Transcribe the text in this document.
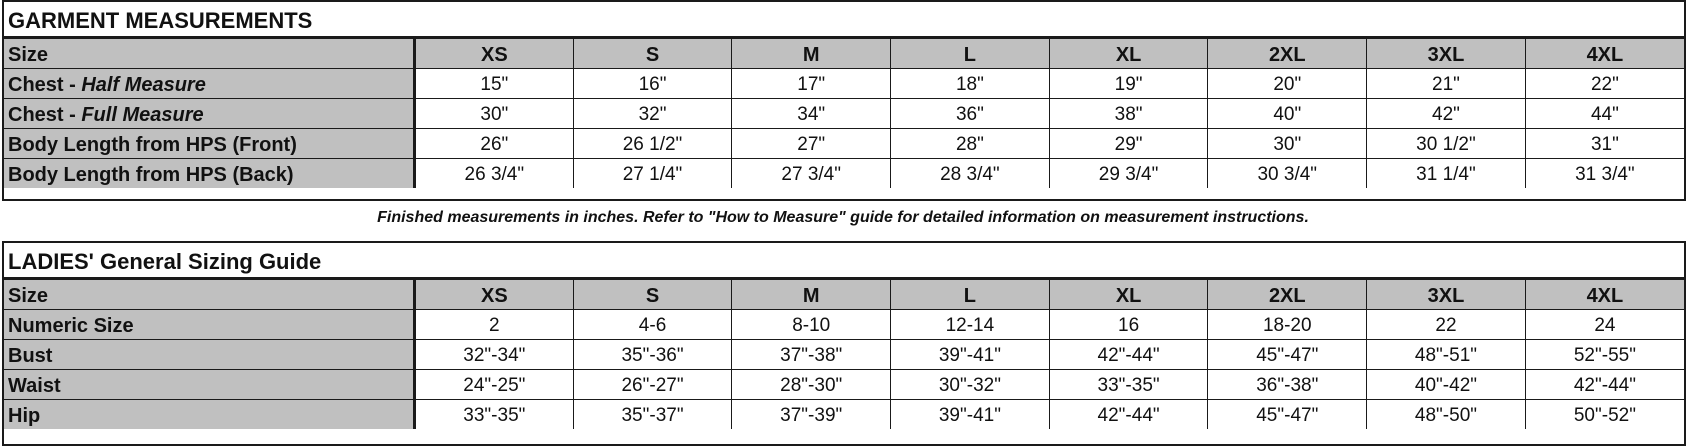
GARMENT MEASUREMENTS
Size	XS	S	M	L	XL	2XL	3XL	4XL
Chest - Half Measure	15"	16"	17"	18"	19"	20"	21"	22"
Chest - Full Measure	30"	32"	34"	36"	38"	40"	42"	44"
Body Length from HPS (Front)	26"	26 1/2"	27"	28"	29"	30"	30 1/2"	31"
Body Length from HPS (Back)	26 3/4"	27 1/4"	27 3/4"	28 3/4"	29 3/4"	30 3/4"	31 1/4"	31 3/4"
Finished measurements in inches. Refer to "How to Measure" guide for detailed information on measurement instructions.
LADIES' General Sizing Guide
Size	XS	S	M	L	XL	2XL	3XL	4XL
Numeric Size	2	4-6	8-10	12-14	16	18-20	22	24
Bust	32"-34"	35"-36"	37"-38"	39"-41"	42"-44"	45"-47"	48"-51"	52"-55"
Waist	24"-25"	26"-27"	28"-30"	30"-32"	33"-35"	36"-38"	40"-42"	42"-44"
Hip	33"-35"	35"-37"	37"-39"	39"-41"	42"-44"	45"-47"	48"-50"	50"-52"
